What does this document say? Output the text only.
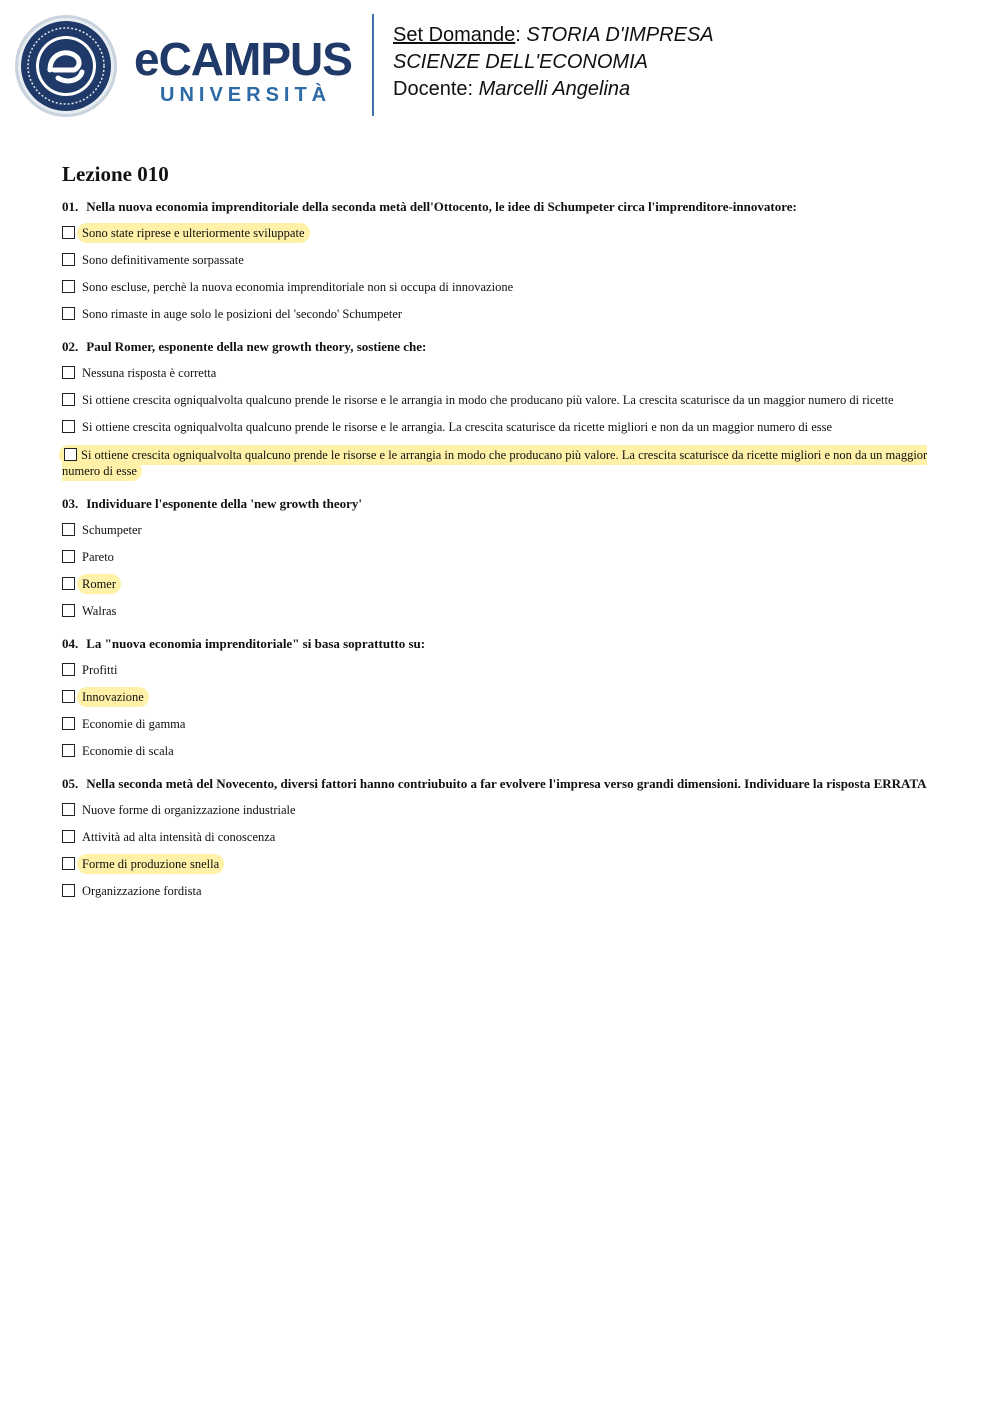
eCAMPUS
UNIVERSITÀ
Set Domande: STORIA D'IMPRESA
SCIENZE DELL'ECONOMIA
Docente: Marcelli Angelina
Lezione 010
01. Nella nuova economia imprenditoriale della seconda metà dell'Ottocento, le idee di Schumpeter circa l'imprenditore-innovatore:
Sono state riprese e ulteriormente sviluppate
Sono definitivamente sorpassate
Sono escluse, perchè la nuova economia imprenditoriale non si occupa di innovazione
Sono rimaste in auge solo le posizioni del 'secondo' Schumpeter
02. Paul Romer, esponente della new growth theory, sostiene che:
Nessuna risposta è corretta
Si ottiene crescita ogniqualvolta qualcuno prende le risorse e le arrangia in modo che producano più valore. La crescita scaturisce da un maggior numero di ricette
Si ottiene crescita ogniqualvolta qualcuno prende le risorse e le arrangia. La crescita scaturisce da ricette migliori e non da un maggior numero di esse
Si ottiene crescita ogniqualvolta qualcuno prende le risorse e le arrangia in modo che producano più valore. La crescita scaturisce da ricette migliori e non da un maggior numero di esse
03. Individuare l'esponente della 'new growth theory'
Schumpeter
Pareto
Romer
Walras
04. La "nuova economia imprenditoriale" si basa soprattutto su:
Profitti
Innovazione
Economie di gamma
Economie di scala
05. Nella seconda metà del Novecento, diversi fattori hanno contriubuito a far evolvere l'impresa verso grandi dimensioni. Individuare la risposta ERRATA
Nuove forme di organizzazione industriale
Attività ad alta intensità di conoscenza
Forme di produzione snella
Organizzazione fordista
